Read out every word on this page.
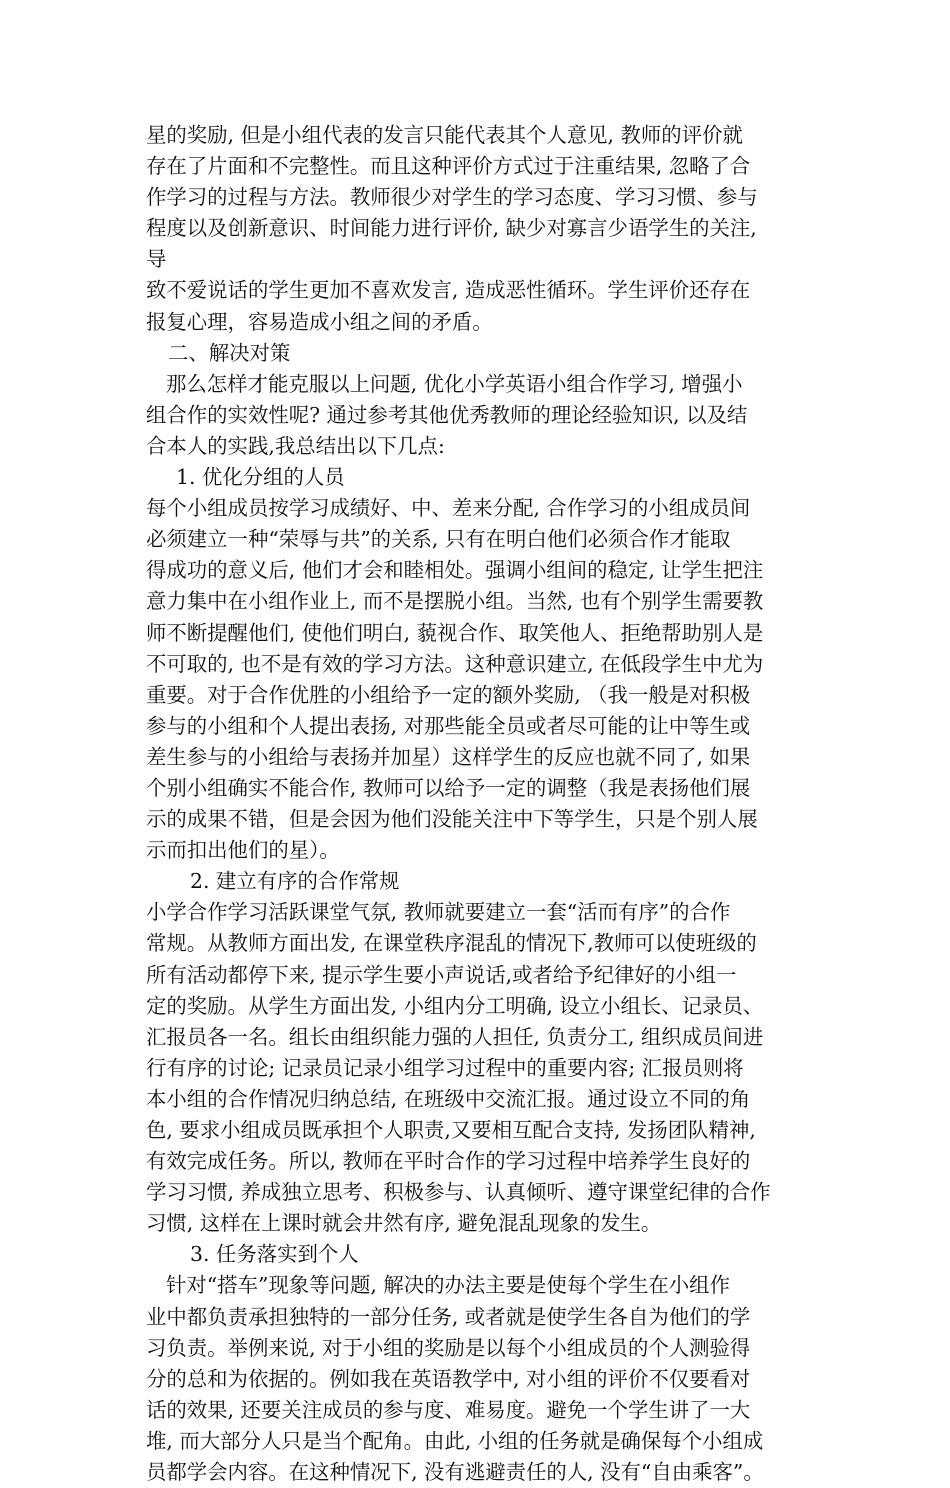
星的奖励, 但是小组代表的发言只能代表其个人意见, 教师的评价就
存在了片面和不完整性。而且这种评价方式过于注重结果, 忽略了合
作学习的过程与方法。教师很少对学生的学习态度、学习习惯、参与
程度以及创新意识、时间能力进行评价, 缺少对寡言少语学生的关注,
导
致不爱说话的学生更加不喜欢发言, 造成恶性循环。学生评价还存在
报复心理，容易造成小组之间的矛盾。
二、解决对策
那么怎样才能克服以上问题, 优化小学英语小组合作学习, 增强小
组合作的实效性呢? 通过参考其他优秀教师的理论经验知识, 以及结
合本人的实践,我总结出以下几点:
1. 优化分组的人员
每个小组成员按学习成绩好、中、差来分配, 合作学习的小组成员间
必须建立一种“荣辱与共”的关系, 只有在明白他们必须合作才能取
得成功的意义后, 他们才会和睦相处。强调小组间的稳定, 让学生把注
意力集中在小组作业上, 而不是摆脱小组。当然, 也有个别学生需要教
师不断提醒他们, 使他们明白, 藐视合作、取笑他人、拒绝帮助别人是
不可取的, 也不是有效的学习方法。这种意识建立, 在低段学生中尤为
重要。对于合作优胜的小组给予一定的额外奖励, （我一般是对积极
参与的小组和个人提出表扬, 对那些能全员或者尽可能的让中等生或
差生参与的小组给与表扬并加星）这样学生的反应也就不同了, 如果
个别小组确实不能合作, 教师可以给予一定的调整（我是表扬他们展
示的成果不错，但是会因为他们没能关注中下等学生，只是个别人展
示而扣出他们的星）。
2. 建立有序的合作常规
小学合作学习活跃课堂气氛, 教师就要建立一套“活而有序”的合作
常规。从教师方面出发, 在课堂秩序混乱的情况下,教师可以使班级的
所有活动都停下来, 提示学生要小声说话,或者给予纪律好的小组一
定的奖励。从学生方面出发, 小组内分工明确, 设立小组长、记录员、
汇报员各一名。组长由组织能力强的人担任, 负责分工, 组织成员间进
行有序的讨论; 记录员记录小组学习过程中的重要内容; 汇报员则将
本小组的合作情况归纳总结, 在班级中交流汇报。通过设立不同的角
色, 要求小组成员既承担个人职责,又要相互配合支持, 发扬团队精神,
有效完成任务。所以, 教师在平时合作的学习过程中培养学生良好的
学习习惯, 养成独立思考、积极参与、认真倾听、遵守课堂纪律的合作
习惯, 这样在上课时就会井然有序, 避免混乱现象的发生。
3. 任务落实到个人
针对“搭车”现象等问题, 解决的办法主要是使每个学生在小组作
业中都负责承担独特的一部分任务, 或者就是使学生各自为他们的学
习负责。举例来说, 对于小组的奖励是以每个小组成员的个人测验得
分的总和为依据的。例如我在英语教学中, 对小组的评价不仅要看对
话的效果, 还要关注成员的参与度、难易度。避免一个学生讲了一大
堆, 而大部分人只是当个配角。由此, 小组的任务就是确保每个小组成
员都学会内容。在这种情况下, 没有逃避责任的人, 没有“自由乘客”。
